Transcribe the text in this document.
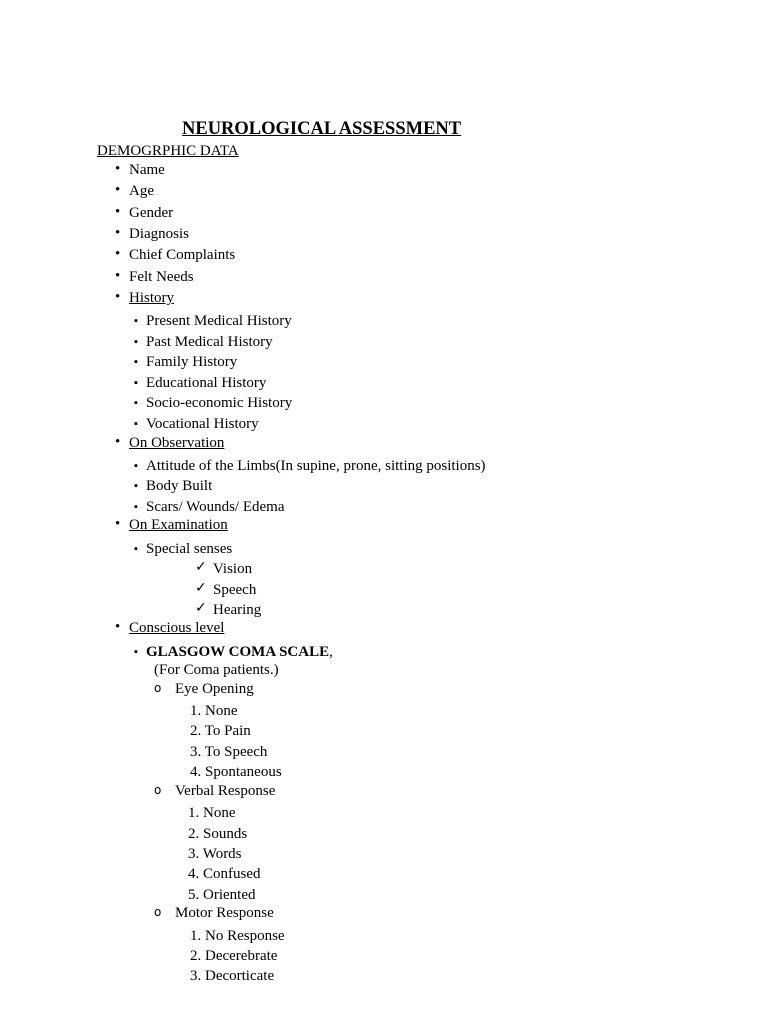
NEUROLOGICAL ASSESSMENT
DEMOGRPHIC DATA
• Name
• Age
• Gender
• Diagnosis
• Chief Complaints
• Felt Needs
• History
▪ Present Medical History
▪ Past Medical History
▪ Family History
▪ Educational History
▪ Socio-economic History
▪ Vocational History
• On Observation
▪ Attitude of the Limbs(In supine, prone, sitting positions)
▪ Body Built
▪ Scars/ Wounds/ Edema
• On Examination
▪ Special senses
✓ Vision
✓ Speech
✓ Hearing
• Conscious level
▪ GLASGOW COMA SCALE,
(For Coma patients.)
o Eye Opening
1. None
2. To Pain
3. To Speech
4. Spontaneous
o Verbal Response
1. None
2. Sounds
3. Words
4. Confused
5. Oriented
o Motor Response
1. No Response
2. Decerebrate
3. Decorticate
